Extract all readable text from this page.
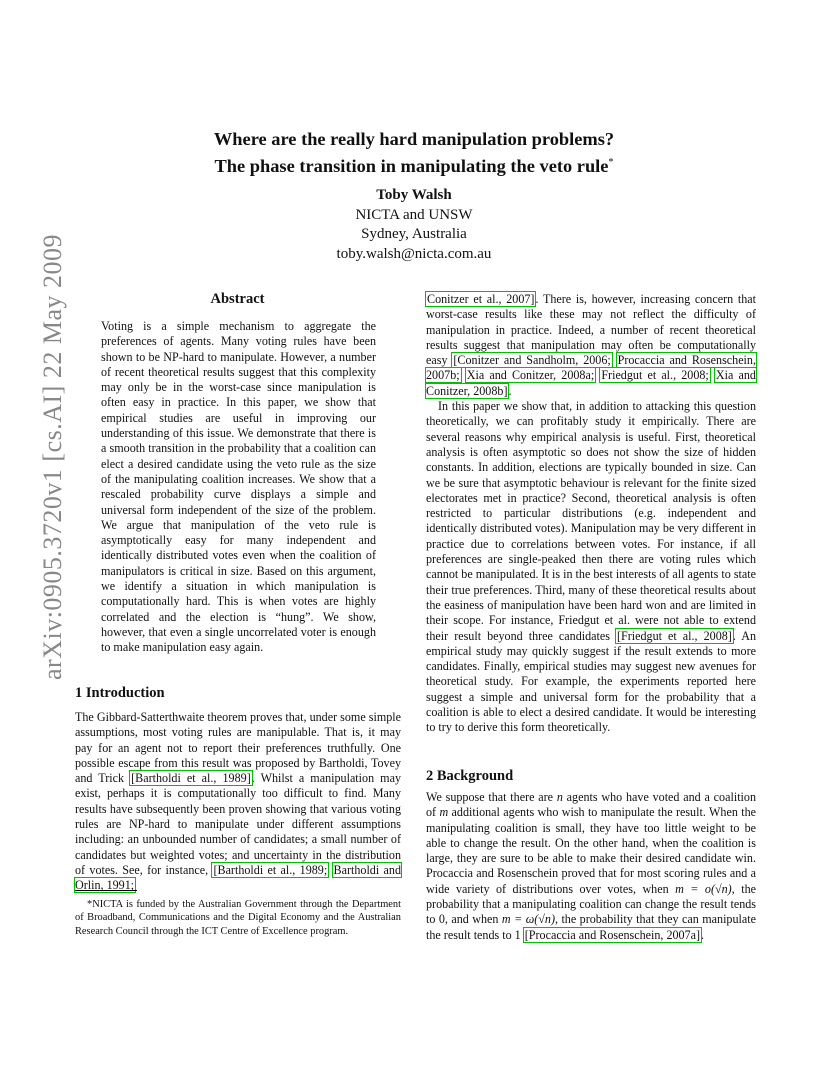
Where are the really hard manipulation problems?
The phase transition in manipulating the veto rule*
Toby Walsh
NICTA and UNSW
Sydney, Australia
toby.walsh@nicta.com.au
arXiv:0905.3720v1 [cs.AI] 22 May 2009	Abstract

Voting is a simple mechanism to aggregate the preferences of agents. Many voting rules have been shown to be NP-hard to manipulate. However, a number of recent theoretical results suggest that this complexity may only be in the worst-case since manipulation is often easy in practice. In this paper, we show that empirical studies are useful in improving our understanding of this issue. We demonstrate that there is a smooth transition in the probability that a coalition can elect a desired candidate using the veto rule as the size of the manipulating coalition increases. We show that a rescaled probability curve displays a simple and universal form independent of the size of the problem. We argue that manipulation of the veto rule is asymptotically easy for many independent and identically distributed votes even when the coalition of manipulators is critical in size. Based on this argument, we identify a situation in which manipulation is computationally hard. This is when votes are highly correlated and the election is “hung”. We show, however, that even a single uncorrelated voter is enough to make manipulation easy again.

1 Introduction

The Gibbard-Satterthwaite theorem proves that, under some simple assumptions, most voting rules are manipulable. That is, it may pay for an agent not to report their preferences truthfully. One possible escape from this result was proposed by Bartholdi, Tovey and Trick [Bartholdi et al., 1989]. Whilst a manipulation may exist, perhaps it is computationally too difficult to find. Many results have subsequently been proven showing that various voting rules are NP-hard to manipulate under different assumptions including: an unbounded number of candidates; a small number of candidates but weighted votes; and uncertainty in the distribution of votes. See, for instance, [Bartholdi et al., 1989; Bartholdi and Orlin, 1991;

*NICTA is funded by the Australian Government through the Department of Broadband, Communications and the Digital Economy and the Australian Research Council through the ICT Centre of Excellence program.

Conitzer et al., 2007]. There is, however, increasing concern that worst-case results like these may not reflect the difficulty of manipulation in practice. Indeed, a number of recent theoretical results suggest that manipulation may often be computationally easy [Conitzer and Sandholm, 2006; Procaccia and Rosenschein, 2007b; Xia and Conitzer, 2008a; Friedgut et al., 2008; Xia and Conitzer, 2008b].

In this paper we show that, in addition to attacking this question theoretically, we can profitably study it empirically. There are several reasons why empirical analysis is useful. First, theoretical analysis is often asymptotic so does not show the size of hidden constants. In addition, elections are typically bounded in size. Can we be sure that asymptotic behaviour is relevant for the finite sized electorates met in practice? Second, theoretical analysis is often restricted to particular distributions (e.g. independent and identically distributed votes). Manipulation may be very different in practice due to correlations between votes. For instance, if all preferences are single-peaked then there are voting rules which cannot be manipulated. It is in the best interests of all agents to state their true preferences. Third, many of these theoretical results about the easiness of manipulation have been hard won and are limited in their scope. For instance, Friedgut et al. were not able to extend their result beyond three candidates [Friedgut et al., 2008]. An empirical study may quickly suggest if the result extends to more candidates. Finally, empirical studies may suggest new avenues for theoretical study. For example, the experiments reported here suggest a simple and universal form for the probability that a coalition is able to elect a desired candidate. It would be interesting to try to derive this form theoretically.

2 Background

We suppose that there are n agents who have voted and a coalition of m additional agents who wish to manipulate the result. When the manipulating coalition is small, they have too little weight to be able to change the result. On the other hand, when the coalition is large, they are sure to be able to make their desired candidate win. Procaccia and Rosenschein proved that for most scoring rules and a wide variety of distributions over votes, when m = o(√n), the probability that a manipulating coalition can change the result tends to 0, and when m = ω(√n), the probability that they can manipulate the result tends to 1 [Procaccia and Rosenschein, 2007a].
